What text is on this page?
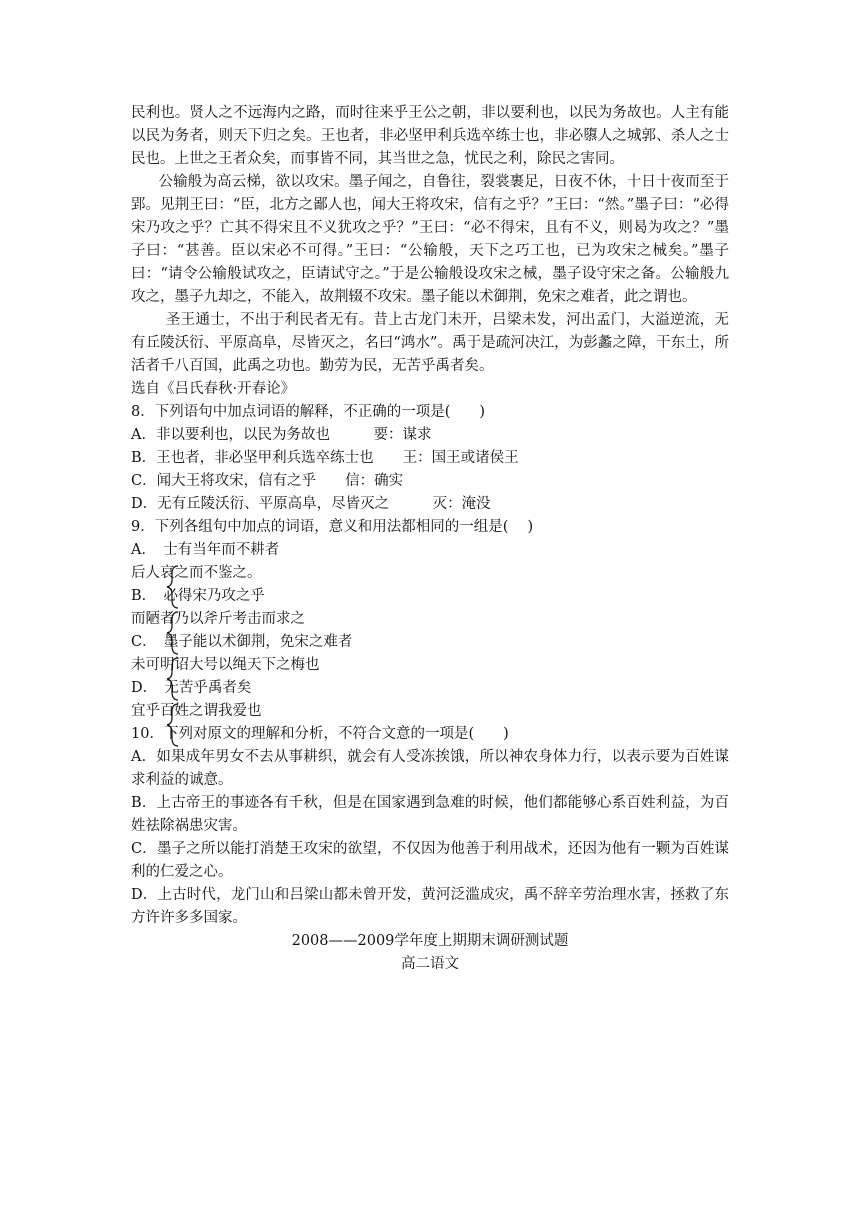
民利也。贤人之不远海内之路，而时往来乎王公之朝，非以要利也，以民为务故也。人主有能以民为务者，则天下归之矣。王也者，非必坚甲利兵选卒练士也，非必隳人之城郭、杀人之士民也。上世之王者众矣，而事皆不同，其当世之急，忧民之利，除民之害同。

公输般为高云梯，欲以攻宋。墨子闻之，自鲁往，裂裳裹足，日夜不休，十日十夜而至于郢。见荆王曰：“臣，北方之鄙人也，闻大王将攻宋，信有之乎？”王曰：“然。”墨子曰：“必得宋乃攻之乎？亡其不得宋且不义犹攻之乎？”王曰：“必不得宋，且有不义，则曷为攻之？”墨子曰：“甚善。臣以宋必不可得。”王曰：“公输般，天下之巧工也，已为攻宋之械矣。”墨子曰：“请令公输般试攻之，臣请试守之。”于是公输般设攻宋之械，墨子设守宋之备。公输般九攻之，墨子九却之，不能入，故荆辍不攻宋。墨子能以术御荆，免宋之难者，此之谓也。

圣王通士，不出于利民者无有。昔上古龙门未开，吕梁未发，河出孟门，大溢逆流，无有丘陵沃衍、平原高阜，尽皆灭之，名曰“鸿水”。禹于是疏河决江，为彭蠡之障，干东土，所活者千八百国，此禹之功也。勤劳为民，无苦乎禹者矣。

选自《吕氏春秋·开春论》
8．下列语句中加点词语的解释，不正确的一项是(　　)
A．非以要利也，以民为务故也　　　要：谋求
B．王也者，非必坚甲利兵选卒练士也　　王：国王或诸侯王
C．闻大王将攻宋，信有之乎　　信：确实
D．无有丘陵沃衍、平原高阜，尽皆灭之　　　灭：淹没
9．下列各组句中加点的词语，意义和用法都相同的一组是(　 )
A．　士有当年而不耕者
后人哀之而不鉴之。
B．　必得宋乃攻之乎
而陋者乃以斧斤考击而求之
C．　墨子能以术御荆，免宋之难者
未可明诏大号以绳天下之梅也
D．　无苦乎禹者矣
宜乎百姓之谓我爱也
10．下列对原文的理解和分析，不符合文意的一项是(　　)

A．如果成年男女不去从事耕织，就会有人受冻挨饿，所以神农身体力行，以表示要为百姓谋求利益的诚意。

B．上古帝王的事迹各有千秋，但是在国家遇到急难的时候，他们都能够心系百姓利益，为百姓祛除祸患灾害。

C．墨子之所以能打消楚王攻宋的欲望，不仅因为他善于利用战术，还因为他有一颗为百姓谋利的仁爱之心。

D．上古时代，龙门山和吕梁山都未曾开发，黄河泛滥成灾，禹不辞辛劳治理水害，拯救了东方许许多多国家。

2008——2009学年度上期期末调研测试题
高二语文
